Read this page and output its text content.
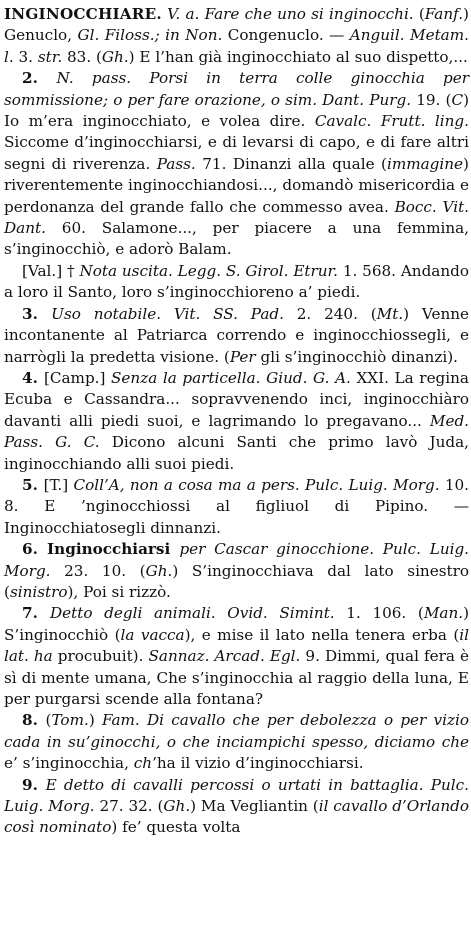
INGINOCCHIARE. V. a. Fare che uno si inginocchi. (Fanf.) Genuclo, Gl. Filoss.; in Non. Congenuclo. — Anguil. Metam. l. 3. str. 83. (Gh.) E l’han già inginocchiato al suo dispetto,...

2. N. pass. Porsi in terra colle ginocchia per sommissione; o per fare orazione, o sim. Dant. Purg. 19. (C) Io m’era inginocchiato, e volea dire. Cavalc. Frutt. ling. Siccome d’inginocchiarsi, e di levarsi di capo, e di fare altri segni di riverenza. Pass. 71. Dinanzi alla quale (immagine) riverentemente inginocchiandosi..., domandò misericordia e perdonanza del grande fallo che commesso avea. Bocc. Vit. Dant. 60. Salamone..., per piacere a una femmina, s’inginocchiò, e adorò Balam.

[Val.] † Nota uscita. Legg. S. Girol. Etrur. 1. 568. Andando a loro il Santo, loro s’inginocchioreno a’ piedi.

3. Uso notabile. Vit. SS. Pad. 2. 240. (Mt.) Venne incontanente al Patriarca correndo e inginocchiossegli, e narrògli la predetta visione. (Per gli s’inginocchiò dinanzi).

4. [Camp.] Senza la particella. Giud. G. A. XXI. La regina Ecuba e Cassandra... sopravvenendo inci, inginocchiàro davanti alli piedi suoi, e lagrimando lo pregavano... Med. Pass. G. C. Dicono alcuni Santi che primo lavò Juda, inginocchiando alli suoi piedi.

5. [T.] Coll’A, non a cosa ma a pers. Pulc. Luig. Morg. 10. 8. E ’nginocchiossi al figliuol di Pipino. — Inginocchiatosegli dinnanzi.

6. Inginocchiarsi per Cascar ginocchione. Pulc. Luig. Morg. 23. 10. (Gh.) S’inginocchiava dal lato sinestro (sinistro), Poi si rizzò.

7. Detto degli animali. Ovid. Simint. 1. 106. (Man.) S’inginocchiò (la vacca), e mise il lato nella tenera erba (il lat. ha procubuit). Sannaz. Arcad. Egl. 9. Dimmi, qual fera è sì di mente umana, Che s’inginocchia al raggio della luna, E per purgarsi scende alla fontana?

8. (Tom.) Fam. Di cavallo che per debolezza o per vizio cada in su’ginocchi, o che inciampichi spesso, diciamo che e’ s’inginocchia, ch’ha il vizio d’inginocchiarsi.

9. E detto di cavalli percossi o urtati in battaglia. Pulc. Luig. Morg. 27. 32. (Gh.) Ma Vegliantin (il cavallo d’Orlando così nominato) fe’ questa volta
